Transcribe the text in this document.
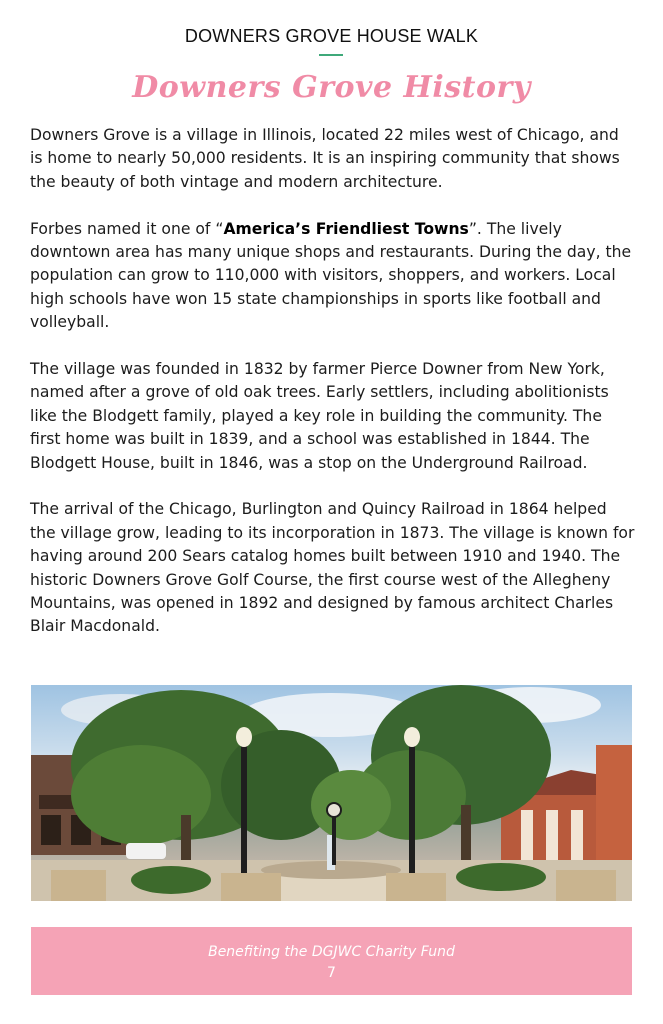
DOWNERS GROVE HOUSE WALK
Downers Grove History

Downers Grove is a village in Illinois, located 22 miles west of Chicago, and is home to nearly 50,000 residents. It is an inspiring community that shows the beauty of both vintage and modern architecture.

Forbes named it one of “America’s Friendliest Towns”. The lively downtown area has many unique shops and restaurants. During the day, the population can grow to 110,000 with visitors, shoppers, and workers. Local high schools have won 15 state championships in sports like football and volleyball.

The village was founded in 1832 by farmer Pierce Downer from New York, named after a grove of old oak trees. Early settlers, including abolitionists like the Blodgett family, played a key role in building the community. The first home was built in 1839, and a school was established in 1844. The Blodgett House, built in 1846, was a stop on the Underground Railroad.

The arrival of the Chicago, Burlington and Quincy Railroad in 1864 helped the village grow, leading to its incorporation in 1873. The village is known for having around 200 Sears catalog homes built between 1910 and 1940. The historic Downers Grove Golf Course, the first course west of the Allegheny Mountains, was opened in 1892 and designed by famous architect Charles Blair Macdonald.

Benefiting the DGJWC Charity Fund
7
